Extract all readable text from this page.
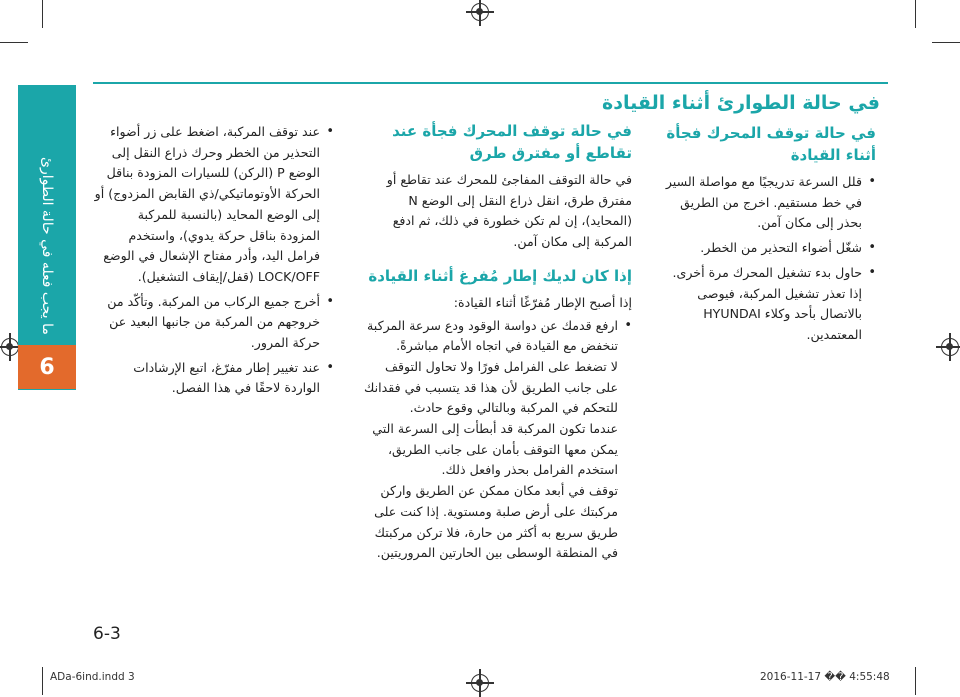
ما يجب فعله في حالة الطوارئ
6
في حالة الطوارئ أثناء القيادة
في حالة توقف المحرك فجأة أثناء القيادة
• قلل السرعة تدريجيًا مع مواصلة السير في خط مستقيم. اخرج من الطريق بحذر إلى مكان آمن.
• شغّل أضواء التحذير من الخطر.
• حاول بدء تشغيل المحرك مرة أخرى. إذا تعذر تشغيل المركبة، فيوصى بالاتصال بأحد وكلاء HYUNDAI المعتمدين.
في حالة توقف المحرك فجأة عند تقاطع أو مفترق طرق

في حالة التوقف المفاجئ للمحرك عند تقاطع أو مفترق طرق، انقل ذراع النقل إلى الوضع N (المحايد)، إن لم تكن خطورة في ذلك، ثم ادفع المركبة إلى مكان آمن.

إذا كان لديك إطار مُفرغ أثناء القيادة

إذا أصبح الإطار مُفرّغًا أثناء القيادة:

• ارفع قدمك عن دواسة الوقود ودع سرعة المركبة تنخفض مع القيادة في اتجاه الأمام مباشرةً.
لا تضغط على الفرامل فورًا ولا تحاول التوقف على جانب الطريق لأن هذا قد يتسبب في فقدانك للتحكم في المركبة وبالتالي وقوع حادث.
عندما تكون المركبة قد أبطأت إلى السرعة التي يمكن معها التوقف بأمان على جانب الطريق، استخدم الفرامل بحذر وافعل ذلك.
توقف في أبعد مكان ممكن عن الطريق واركن مركبتك على أرض صلبة ومستوية. إذا كنت على طريق سريع به أكثر من حارة، فلا تركن مركبتك في المنطقة الوسطى بين الحارتين المروريتين.
• عند توقف المركبة، اضغط على زر أضواء التحذير من الخطر وحرك ذراع النقل إلى الوضع P (الركن) للسيارات المزودة بناقل الحركة الأوتوماتيكي/ذي القابض المزدوج) أو إلى الوضع المحايد (بالنسبة للمركبة المزودة بناقل حركة يدوي)، واستخدم فرامل اليد، وأدر مفتاح الإشعال في الوضع LOCK/OFF (قفل/إيقاف التشغيل).
• أخرج جميع الركاب من المركبة. وتأكّد من خروجهم من المركبة من جانبها البعيد عن حركة المرور.
• عند تغيير إطار مفرّغ، اتبع الإرشادات الواردة لاحقًا في هذا الفصل.
6-3
ADa-6ind.indd 3	2016-11-17 �� 4:55:48
